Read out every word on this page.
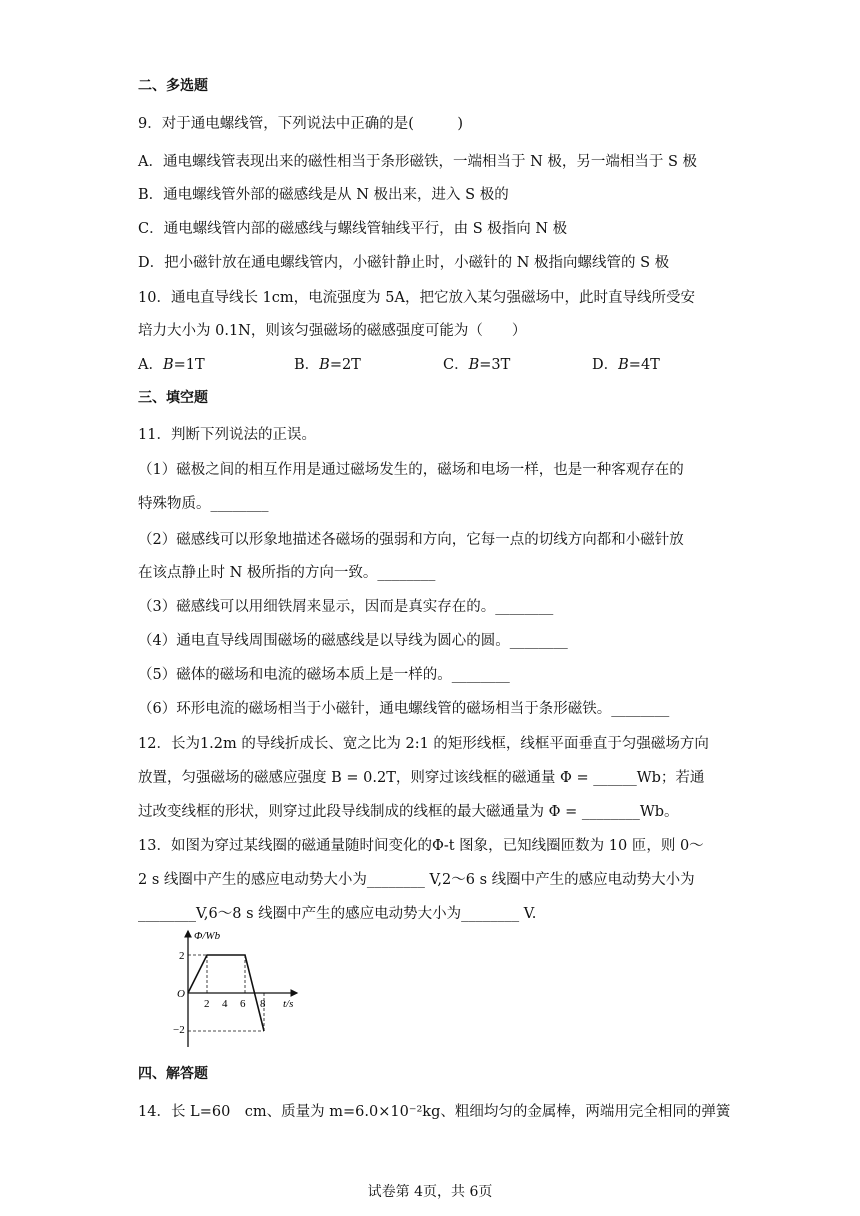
二、多选题
9．对于通电螺线管，下列说法中正确的是(　　　)
A．通电螺线管表现出来的磁性相当于条形磁铁，一端相当于 N 极，另一端相当于 S 极
B．通电螺线管外部的磁感线是从 N 极出来，进入 S 极的
C．通电螺线管内部的磁感线与螺线管轴线平行，由 S 极指向 N 极
D．把小磁针放在通电螺线管内，小磁针静止时，小磁针的 N 极指向螺线管的 S 极
10．通电直导线长 1cm，电流强度为 5A，把它放入某匀强磁场中，此时直导线所受安
培力大小为 0.1N，则该匀强磁场的磁感强度可能为（　　）
A．B=1T	B．B=2T	C．B=3T	D．B=4T
三、填空题
11．判断下列说法的正误。
（1）磁极之间的相互作用是通过磁场发生的，磁场和电场一样，也是一种客观存在的
特殊物质。________
（2）磁感线可以形象地描述各磁场的强弱和方向，它每一点的切线方向都和小磁针放
在该点静止时 N 极所指的方向一致。________
（3）磁感线可以用细铁屑来显示，因而是真实存在的。________
（4）通电直导线周围磁场的磁感线是以导线为圆心的圆。________
（5）磁体的磁场和电流的磁场本质上是一样的。________
（6）环形电流的磁场相当于小磁针，通电螺线管的磁场相当于条形磁铁。________
12．长为1.2m 的导线折成长、宽之比为 2:1 的矩形线框，线框平面垂直于匀强磁场方向
放置，匀强磁场的磁感应强度 B = 0.2T，则穿过该线框的磁通量 Φ = ______Wb；若通
过改变线框的形状，则穿过此段导线制成的线框的最大磁通量为 Φ = ________Wb。
13．如图为穿过某线圈的磁通量随时间变化的Φ-t 图象，已知线圈匝数为 10 匝，则 0～
2 s 线圈中产生的感应电动势大小为________ V,2～6 s 线圈中产生的感应电动势大小为
________V,6～8 s 线圈中产生的感应电动势大小为________ V.
Φ/Wb
t/s
O
2
−2
2 4 6 8
四、解答题
14．长 L=60　cm、质量为 m=6.0×10⁻²kg、粗细均匀的金属棒，两端用完全相同的弹簧
试卷第 4页，共 6页
